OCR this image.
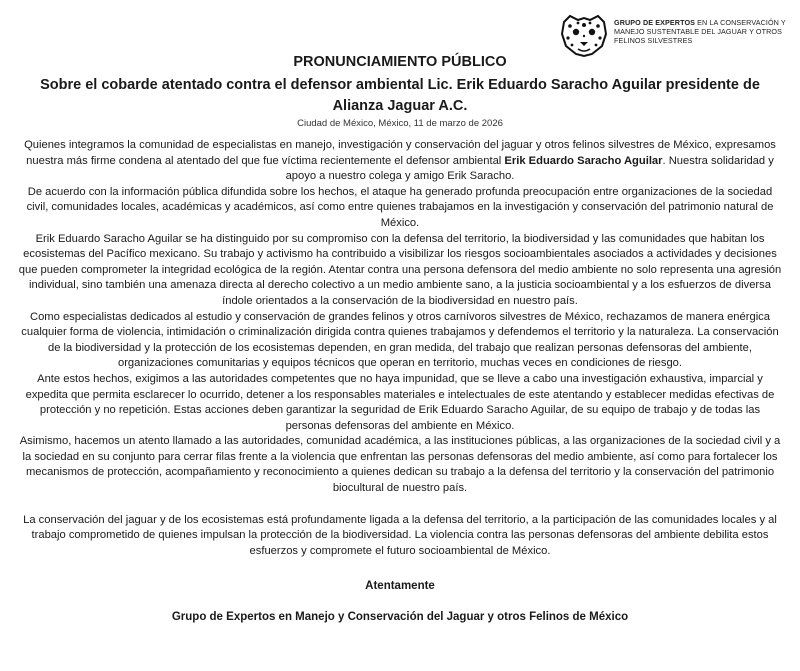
GRUPO DE EXPERTOS EN LA CONSERVACIÓN Y MANEJO SUSTENTABLE DEL JAGUAR Y OTROS FELINOS SILVESTRES
PRONUNCIAMIENTO PÚBLICO
Sobre el cobarde atentado contra el defensor ambiental Lic. Erik Eduardo Saracho Aguilar presidente de Alianza Jaguar A.C.
Ciudad de México, México, 11 de marzo de 2026

Quienes integramos la comunidad de especialistas en manejo, investigación y conservación del jaguar y otros felinos silvestres de México, expresamos nuestra más firme condena al atentado del que fue víctima recientemente el defensor ambiental Erik Eduardo Saracho Aguilar. Nuestra solidaridad y apoyo a nuestro colega y amigo Erik Saracho.

De acuerdo con la información pública difundida sobre los hechos, el ataque ha generado profunda preocupación entre organizaciones de la sociedad civil, comunidades locales, académicas y académicos, así como entre quienes trabajamos en la investigación y conservación del patrimonio natural de México.

Erik Eduardo Saracho Aguilar se ha distinguido por su compromiso con la defensa del territorio, la biodiversidad y las comunidades que habitan los ecosistemas del Pacífico mexicano. Su trabajo y activismo ha contribuido a visibilizar los riesgos socioambientales asociados a actividades y decisiones que pueden comprometer la integridad ecológica de la región. Atentar contra una persona defensora del medio ambiente no solo representa una agresión individual, sino también una amenaza directa al derecho colectivo a un medio ambiente sano, a la justicia socioambiental y a los esfuerzos de diversa índole orientados a la conservación de la biodiversidad en nuestro país.

Como especialistas dedicados al estudio y conservación de grandes felinos y otros carnívoros silvestres de México, rechazamos de manera enérgica cualquier forma de violencia, intimidación o criminalización dirigida contra quienes trabajamos y defendemos el territorio y la naturaleza. La conservación de la biodiversidad y la protección de los ecosistemas dependen, en gran medida, del trabajo que realizan personas defensoras del ambiente, organizaciones comunitarias y equipos técnicos que operan en territorio, muchas veces en condiciones de riesgo.

Ante estos hechos, exigimos a las autoridades competentes que no haya impunidad, que se lleve a cabo una investigación exhaustiva, imparcial y expedita que permita esclarecer lo ocurrido, detener a los responsables materiales e intelectuales de este atentando y establecer medidas efectivas de protección y no repetición. Estas acciones deben garantizar la seguridad de Erik Eduardo Saracho Aguilar, de su equipo de trabajo y de todas las personas defensoras del ambiente en México.

Asimismo, hacemos un atento llamado a las autoridades, comunidad académica, a las instituciones públicas, a las organizaciones de la sociedad civil y a la sociedad en su conjunto para cerrar filas frente a la violencia que enfrentan las personas defensoras del medio ambiente, así como para fortalecer los mecanismos de protección, acompañamiento y reconocimiento a quienes dedican su trabajo a la defensa del territorio y la conservación del patrimonio biocultural de nuestro país.

La conservación del jaguar y de los ecosistemas está profundamente ligada a la defensa del territorio, a la participación de las comunidades locales y al trabajo comprometido de quienes impulsan la protección de la biodiversidad. La violencia contra las personas defensoras del ambiente debilita estos esfuerzos y compromete el futuro socioambiental de México.

Atentamente
Grupo de Expertos en Manejo y Conservación del Jaguar y otros Felinos de México
